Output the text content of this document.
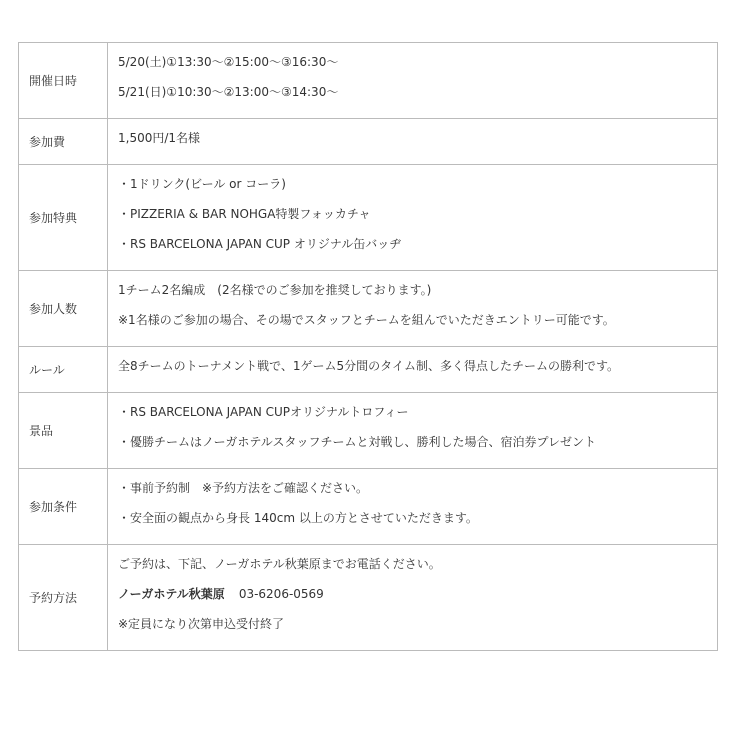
開催日時	5/20(土)①13:30〜②15:00〜③16:30〜
5/21(日)①10:30〜②13:00〜③14:30〜

参加費	1,500円/1名様

参加特典	・1ドリンク(ビール or コーラ)
・PIZZERIA & BAR NOHGA特製フォッカチャ
・RS BARCELONA JAPAN CUP オリジナル缶バッヂ

参加人数	1チーム2名編成　(2名様でのご参加を推奨しております。)
※1名様のご参加の場合、その場でスタッフとチームを組んでいただきエントリー可能です。

ルール	全8チームのトーナメント戦で、1ゲーム5分間のタイム制、多く得点したチームの勝利です。

景品	・RS BARCELONA JAPAN CUPオリジナルトロフィー
・優勝チームはノーガホテルスタッフチームと対戦し、勝利した場合、宿泊券プレゼント

参加条件	・事前予約制　※予約方法をご確認ください。
・安全面の観点から身長 140cm 以上の方とさせていただきます。

予約方法	ご予約は、下記、ノーガホテル秋葉原までお電話ください。
ノーガホテル秋葉原 03-6206-0569
※定員になり次第申込受付終了
